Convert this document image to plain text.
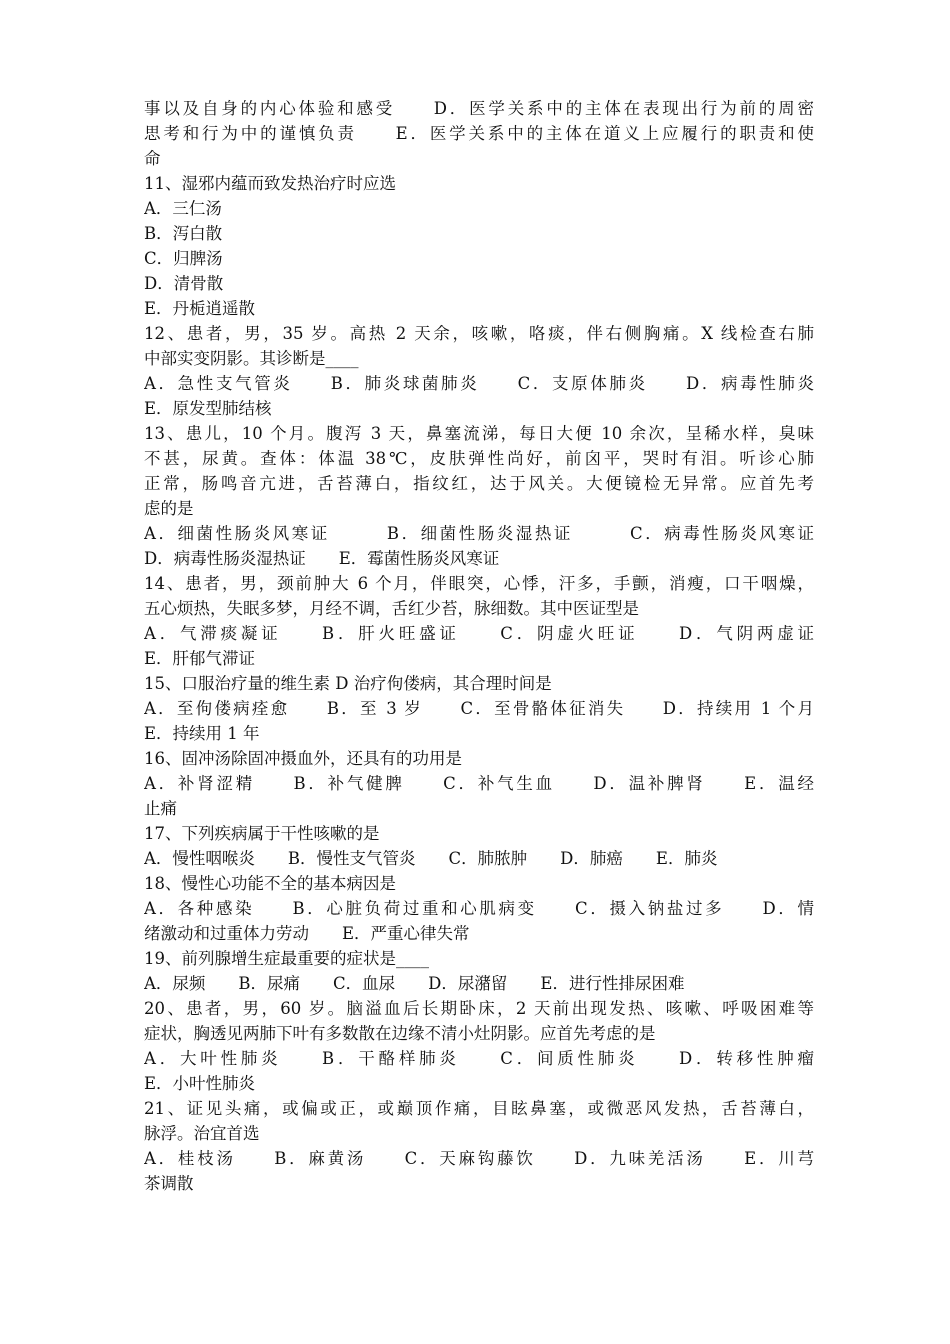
事以及自身的内心体验和感受　　D．医学关系中的主体在表现出行为前的周密
思考和行为中的谨慎负责　　E．医学关系中的主体在道义上应履行的职责和使
命
11、湿邪内蕴而致发热治疗时应选
A．三仁汤
B．泻白散
C．归脾汤
D．清骨散
E．丹栀逍遥散
12、患者，男，35 岁。高热 2 天余，咳嗽，咯痰，伴右侧胸痛。X 线检查右肺
中部实变阴影。其诊断是____
A．急性支气管炎　　B．肺炎球菌肺炎　　C．支原体肺炎　　D．病毒性肺炎
E．原发型肺结核
13、患儿，10 个月。腹泻 3 天，鼻塞流涕，每日大便 10 余次，呈稀水样，臭味
不甚，尿黄。查体：体温 38℃，皮肤弹性尚好，前囟平，哭时有泪。听诊心肺
正常，肠鸣音亢进，舌苔薄白，指纹红，达于风关。大便镜检无异常。应首先考
虑的是
A．细菌性肠炎风寒证　　　B．细菌性肠炎湿热证　　　C．病毒性肠炎风寒证
D．病毒性肠炎湿热证　　E．霉菌性肠炎风寒证
14、患者，男，颈前肿大 6 个月，伴眼突，心悸，汗多，手颤，消瘦，口干咽燥，
五心烦热，失眠多梦，月经不调，舌红少苔，脉细数。其中医证型是
A．气滞痰凝证　　B．肝火旺盛证　　C．阴虚火旺证　　D．气阴两虚证
E．肝郁气滞证
15、口服治疗量的维生素 D 治疗佝偻病，其合理时间是
A．至佝偻病痊愈　　B．至 3 岁　　C．至骨骼体征消失　　D．持续用 1 个月
E．持续用 1 年
16、固冲汤除固冲摄血外，还具有的功用是
A．补肾涩精　　B．补气健脾　　C．补气生血　　D．温补脾肾　　E．温经
止痛
17、下列疾病属于干性咳嗽的是
A．慢性咽喉炎　　B．慢性支气管炎　　C．肺脓肿　　D．肺癌　　E．肺炎
18、慢性心功能不全的基本病因是
A．各种感染　　B．心脏负荷过重和心肌病变　　C．摄入钠盐过多　　D．情
绪激动和过重体力劳动　　E．严重心律失常
19、前列腺增生症最重要的症状是____
A．尿频　　B．尿痛　　C．血尿　　D．尿潴留　　E．进行性排尿困难
20、患者，男，60 岁。脑溢血后长期卧床，2 天前出现发热、咳嗽、呼吸困难等
症状，胸透见两肺下叶有多数散在边缘不清小灶阴影。应首先考虑的是
A．大叶性肺炎　　B．干酪样肺炎　　C．间质性肺炎　　D．转移性肿瘤
E．小叶性肺炎
21、证见头痛，或偏或正，或巅顶作痛，目眩鼻塞，或微恶风发热，舌苔薄白，
脉浮。治宜首选
A．桂枝汤　　B．麻黄汤　　C．天麻钩藤饮　　D．九味羌活汤　　E．川芎
茶调散
